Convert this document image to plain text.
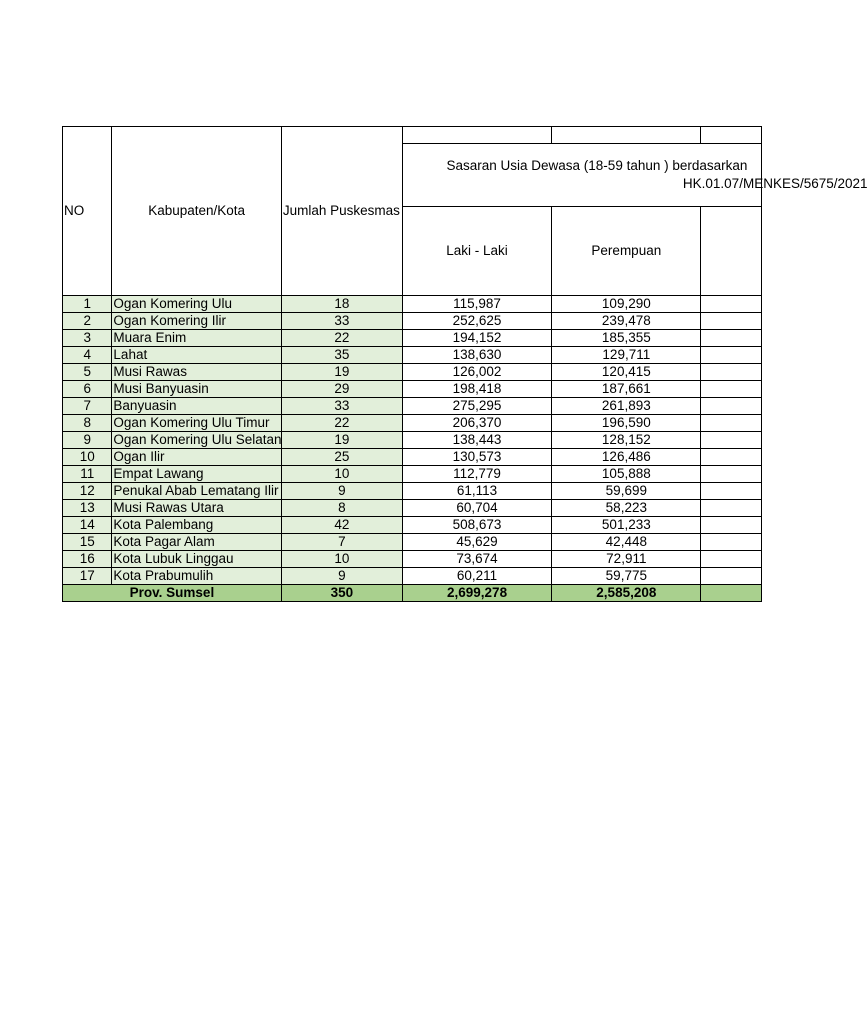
NO	Kabupaten/Kota	Jumlah Puskesmas			

			Sasaran Usia Dewasa (18-59 tahun ) berdasarkan
HK.01.07/MENKES/5675/2021		

			Laki - Laki	Perempuan	
1	Ogan Komering Ulu	18	115,987	109,290	
2	Ogan Komering Ilir	33	252,625	239,478	
3	Muara Enim	22	194,152	185,355	
4	Lahat	35	138,630	129,711	
5	Musi Rawas	19	126,002	120,415	
6	Musi Banyuasin	29	198,418	187,661	
7	Banyuasin	33	275,295	261,893	
8	Ogan Komering Ulu Timur	22	206,370	196,590	
9	Ogan Komering Ulu Selatan	19	138,443	128,152	
10	Ogan Ilir	25	130,573	126,486	
11	Empat Lawang	10	112,779	105,888	
12	Penukal Abab Lematang Ilir	9	61,113	59,699	
13	Musi Rawas Utara	8	60,704	58,223	
14	Kota Palembang	42	508,673	501,233	
15	Kota Pagar Alam	7	45,629	42,448	
16	Kota Lubuk Linggau	10	73,674	72,911	
17	Kota Prabumulih	9	60,211	59,775	
Prov. Sumsel		350	2,699,278	2,585,208	
